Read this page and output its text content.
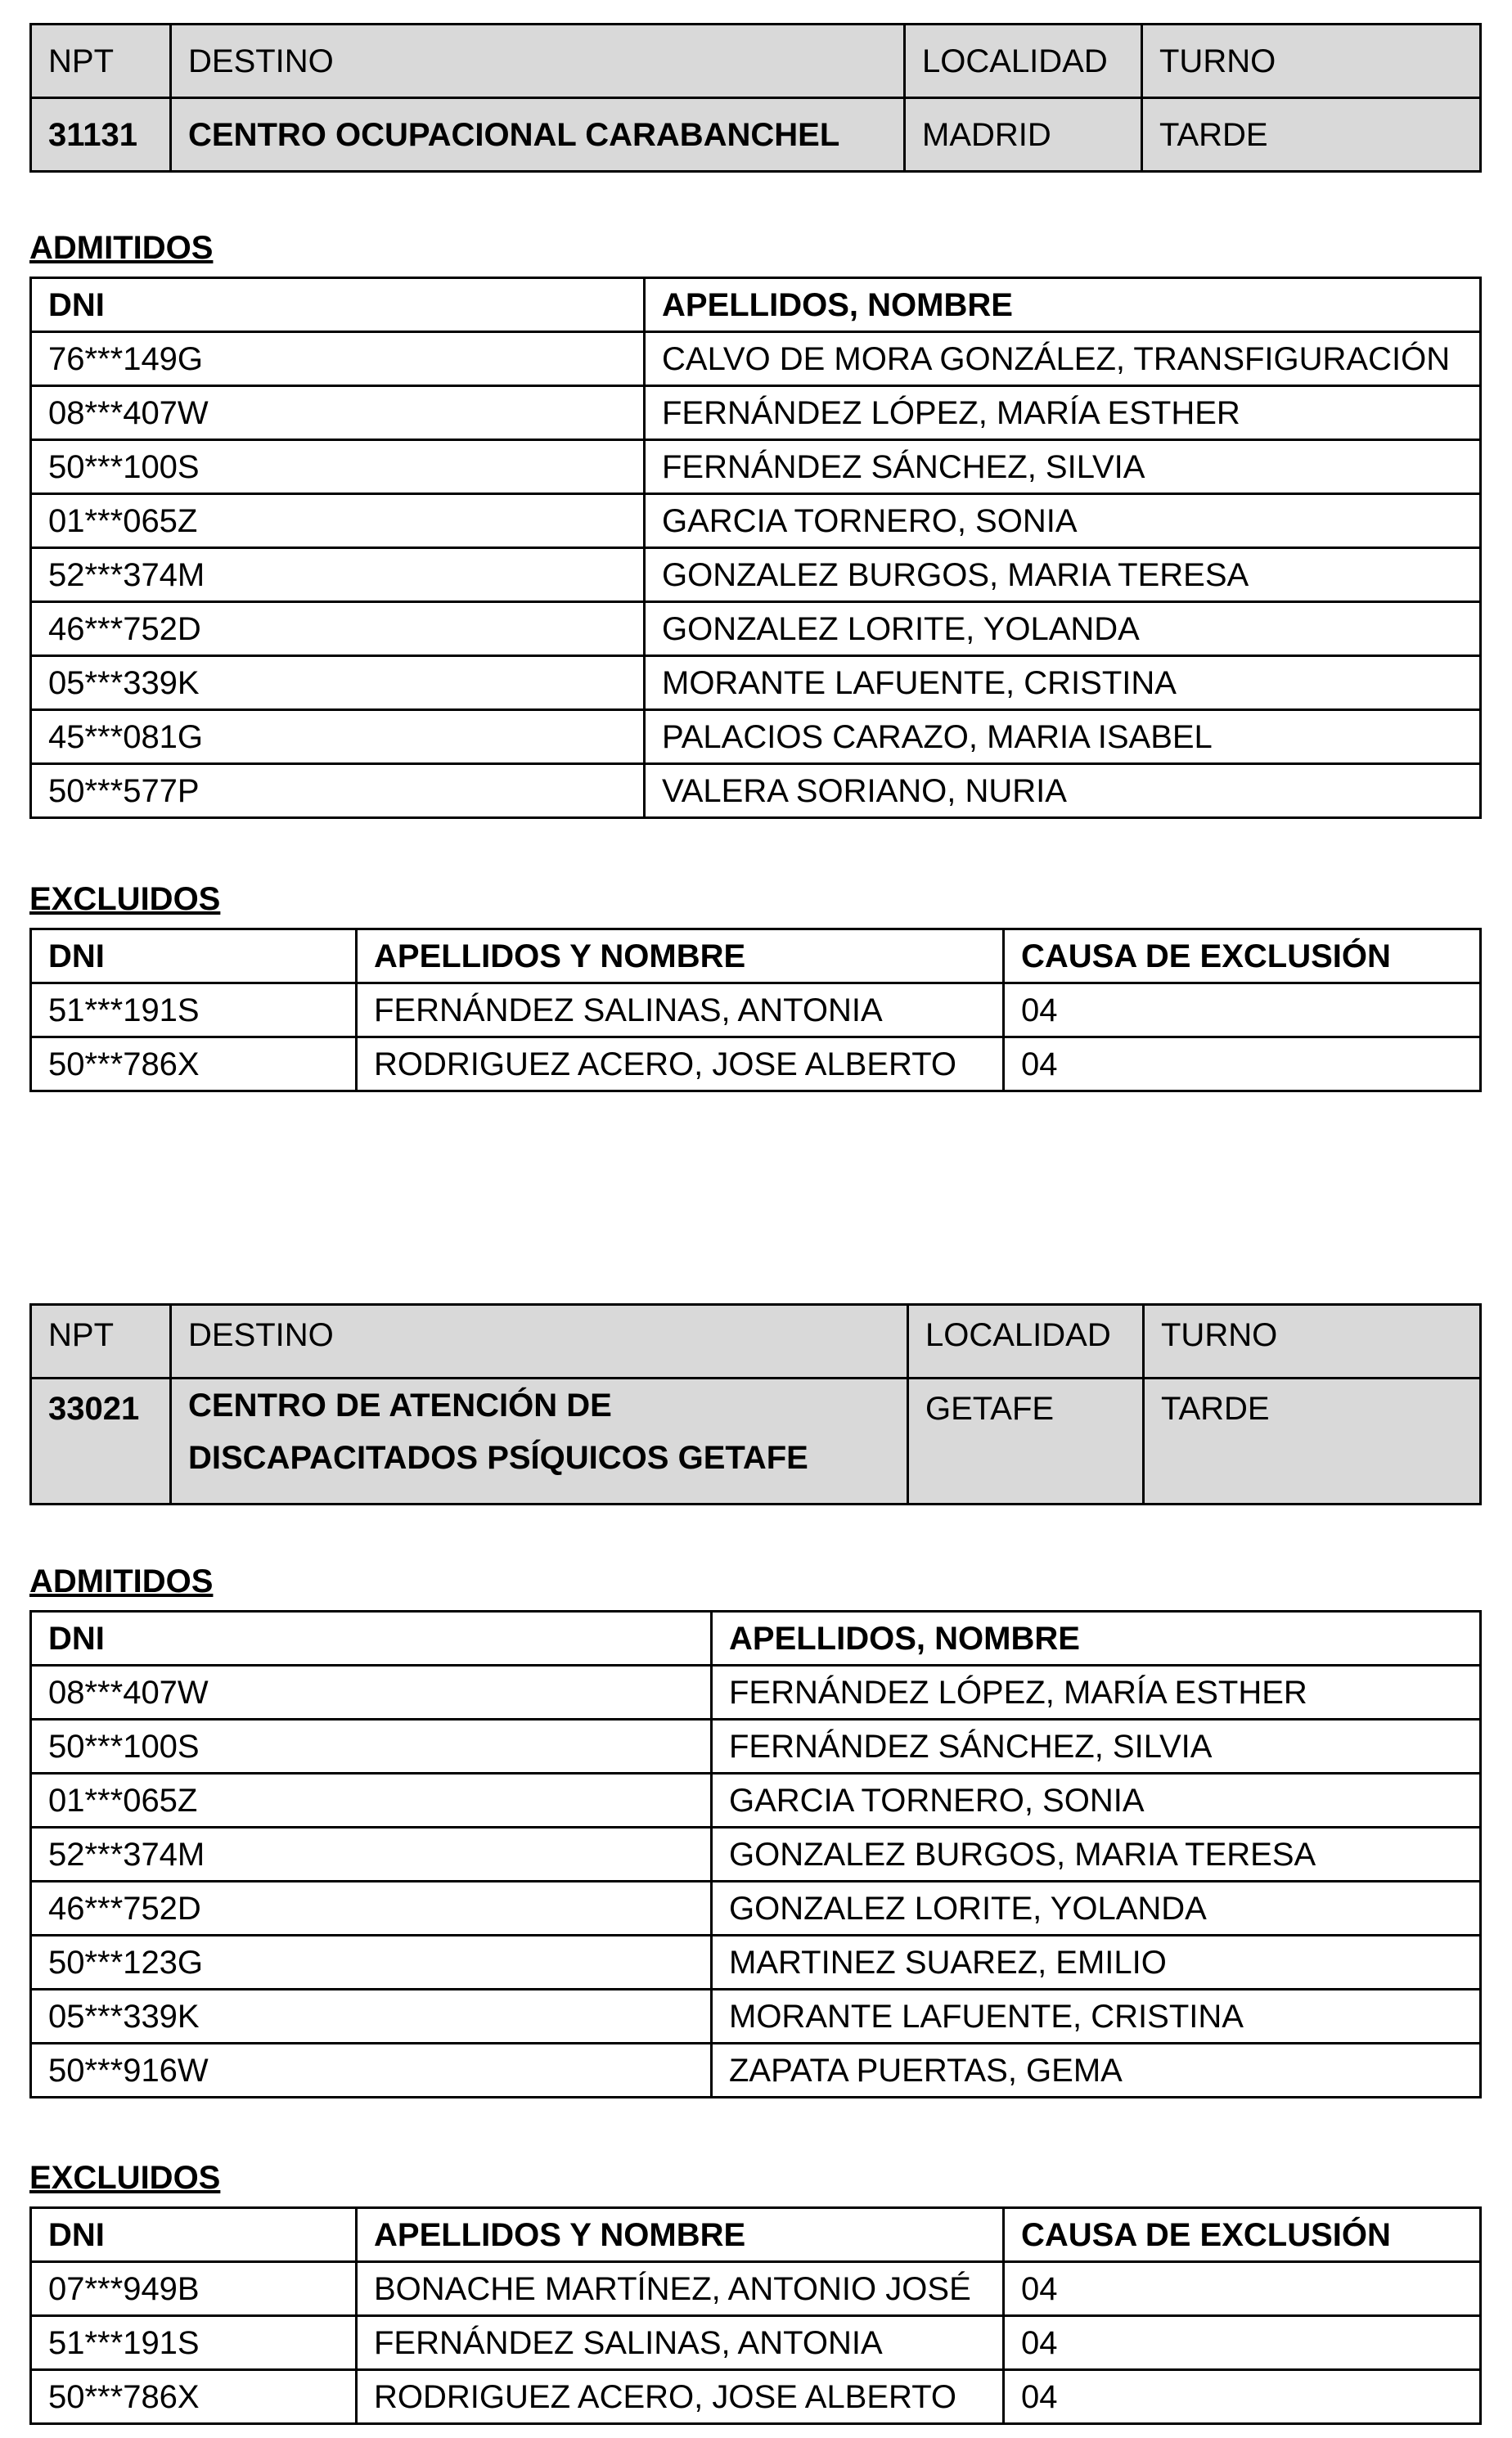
NPT	DESTINO	LOCALIDAD	TURNO
31131	CENTRO OCUPACIONAL CARABANCHEL	MADRID	TARDE
ADMITIDOS
DNI	APELLIDOS, NOMBRE
76***149G	CALVO DE MORA GONZÁLEZ, TRANSFIGURACIÓN
08***407W	FERNÁNDEZ LÓPEZ, MARÍA ESTHER
50***100S	FERNÁNDEZ SÁNCHEZ, SILVIA
01***065Z	GARCIA TORNERO, SONIA
52***374M	GONZALEZ BURGOS, MARIA TERESA
46***752D	GONZALEZ LORITE, YOLANDA
05***339K	MORANTE LAFUENTE, CRISTINA
45***081G	PALACIOS CARAZO, MARIA ISABEL
50***577P	VALERA SORIANO, NURIA
EXCLUIDOS
DNI	APELLIDOS Y NOMBRE	CAUSA DE EXCLUSIÓN
51***191S	FERNÁNDEZ SALINAS, ANTONIA	04
50***786X	RODRIGUEZ ACERO, JOSE ALBERTO	04
NPT	DESTINO	LOCALIDAD	TURNO
33021	CENTRO DE ATENCIÓN DE DISCAPACITADOS PSÍQUICOS GETAFE	GETAFE	TARDE
ADMITIDOS
DNI	APELLIDOS, NOMBRE
08***407W	FERNÁNDEZ LÓPEZ, MARÍA ESTHER
50***100S	FERNÁNDEZ SÁNCHEZ, SILVIA
01***065Z	GARCIA TORNERO, SONIA
52***374M	GONZALEZ BURGOS, MARIA TERESA
46***752D	GONZALEZ LORITE, YOLANDA
50***123G	MARTINEZ SUAREZ, EMILIO
05***339K	MORANTE LAFUENTE, CRISTINA
50***916W	ZAPATA PUERTAS, GEMA
EXCLUIDOS
DNI	APELLIDOS Y NOMBRE	CAUSA DE EXCLUSIÓN
07***949B	BONACHE MARTÍNEZ, ANTONIO JOSÉ	04
51***191S	FERNÁNDEZ SALINAS, ANTONIA	04
50***786X	RODRIGUEZ ACERO, JOSE ALBERTO	04
